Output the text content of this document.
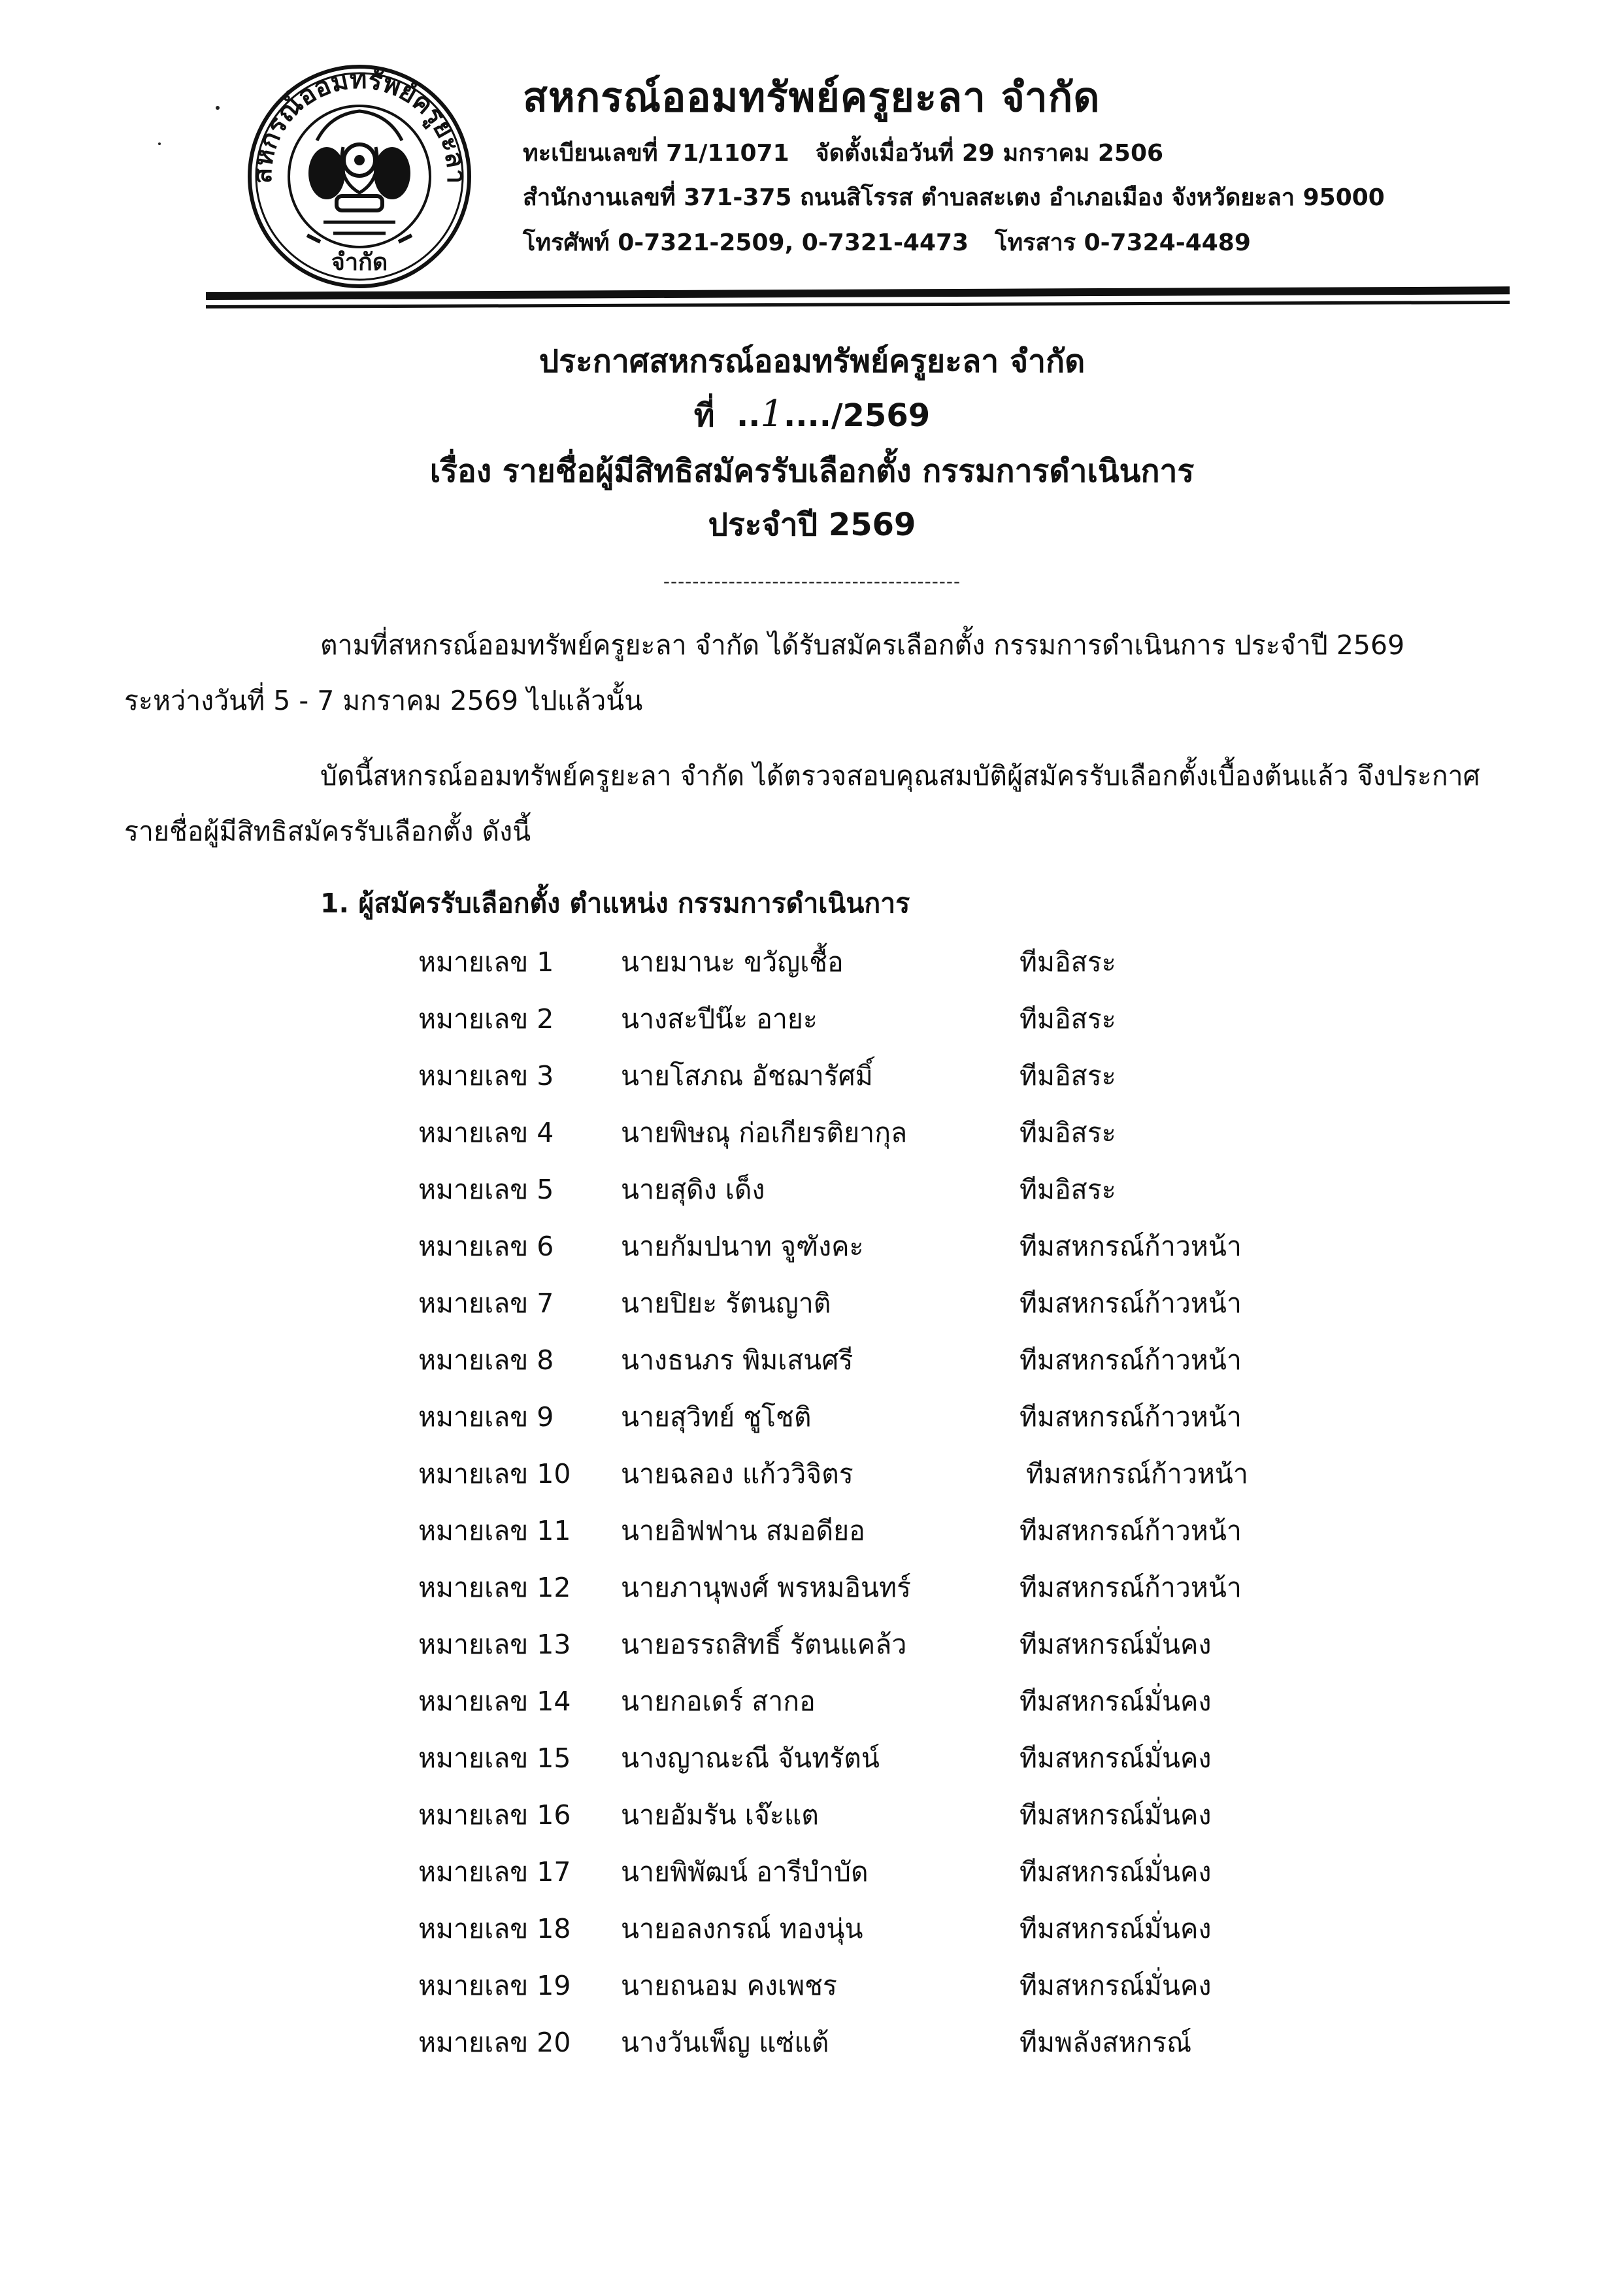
สหกรณ์ออมทรัพย์ครูยะลา
จำกัด
สหกรณ์ออมทรัพย์ครูยะลา จำกัด
ทะเบียนเลขที่ 71/11071 จัดตั้งเมื่อวันที่ 29 มกราคม 2506
สำนักงานเลขที่ 371-375 ถนนสิโรรส ตำบลสะเตง อำเภอเมือง จังหวัดยะลา 95000
โทรศัพท์ 0-7321-2509, 0-7321-4473 โทรสาร 0-7324-4489
ประกาศสหกรณ์ออมทรัพย์ครูยะลา จำกัด
ที่ ..1..../2569
เรื่อง รายชื่อผู้มีสิทธิสมัครรับเลือกตั้ง กรรมการดำเนินการ
ประจำปี 2569
-----------------------------------------
ตามที่สหกรณ์ออมทรัพย์ครูยะลา จำกัด ได้รับสมัครเลือกตั้ง กรรมการดำเนินการ ประจำปี 2569
ระหว่างวันที่ 5 - 7 มกราคม 2569 ไปแล้วนั้น
บัดนี้สหกรณ์ออมทรัพย์ครูยะลา จำกัด ได้ตรวจสอบคุณสมบัติผู้สมัครรับเลือกตั้งเบื้องต้นแล้ว จึงประกาศ
รายชื่อผู้มีสิทธิสมัครรับเลือกตั้ง ดังนี้
1. ผู้สมัครรับเลือกตั้ง ตำแหน่ง กรรมการดำเนินการ
หมายเลข 1	นายมานะ ขวัญเชื้อ	ทีมอิสระ
หมายเลข 2	นางสะปีน๊ะ อายะ	ทีมอิสระ
หมายเลข 3	นายโสภณ อัชฌารัศมิ์	ทีมอิสระ
หมายเลข 4	นายพิษณุ ก่อเกียรติยากุล	ทีมอิสระ
หมายเลข 5	นายสุดิง เด็ง	ทีมอิสระ
หมายเลข 6	นายกัมปนาท จูฑังคะ	ทีมสหกรณ์ก้าวหน้า
หมายเลข 7	นายปิยะ รัตนญาติ	ทีมสหกรณ์ก้าวหน้า
หมายเลข 8	นางธนภร พิมเสนศรี	ทีมสหกรณ์ก้าวหน้า
หมายเลข 9	นายสุวิทย์ ชูโชติ	ทีมสหกรณ์ก้าวหน้า
หมายเลข 10 นายฉลอง แก้ววิจิตร	ทีมสหกรณ์ก้าวหน้า
หมายเลข 11 นายอิฟฟาน สมอดียอ	ทีมสหกรณ์ก้าวหน้า
หมายเลข 12 นายภานุพงศ์ พรหมอินทร์	ทีมสหกรณ์ก้าวหน้า
หมายเลข 13 นายอรรถสิทธิ์ รัตนแคล้ว	ทีมสหกรณ์มั่นคง
หมายเลข 14 นายกอเดร์ สากอ	ทีมสหกรณ์มั่นคง
หมายเลข 15 นางญาณะณี จันทรัตน์	ทีมสหกรณ์มั่นคง
หมายเลข 16 นายอัมรัน เจ๊ะแต	ทีมสหกรณ์มั่นคง
หมายเลข 17 นายพิพัฒน์ อารีบำบัด	ทีมสหกรณ์มั่นคง
หมายเลข 18 นายอลงกรณ์ ทองนุ่น	ทีมสหกรณ์มั่นคง
หมายเลข 19 นายถนอม คงเพชร	ทีมสหกรณ์มั่นคง
หมายเลข 20 นางวันเพ็ญ แซ่แต้	ทีมพลังสหกรณ์
